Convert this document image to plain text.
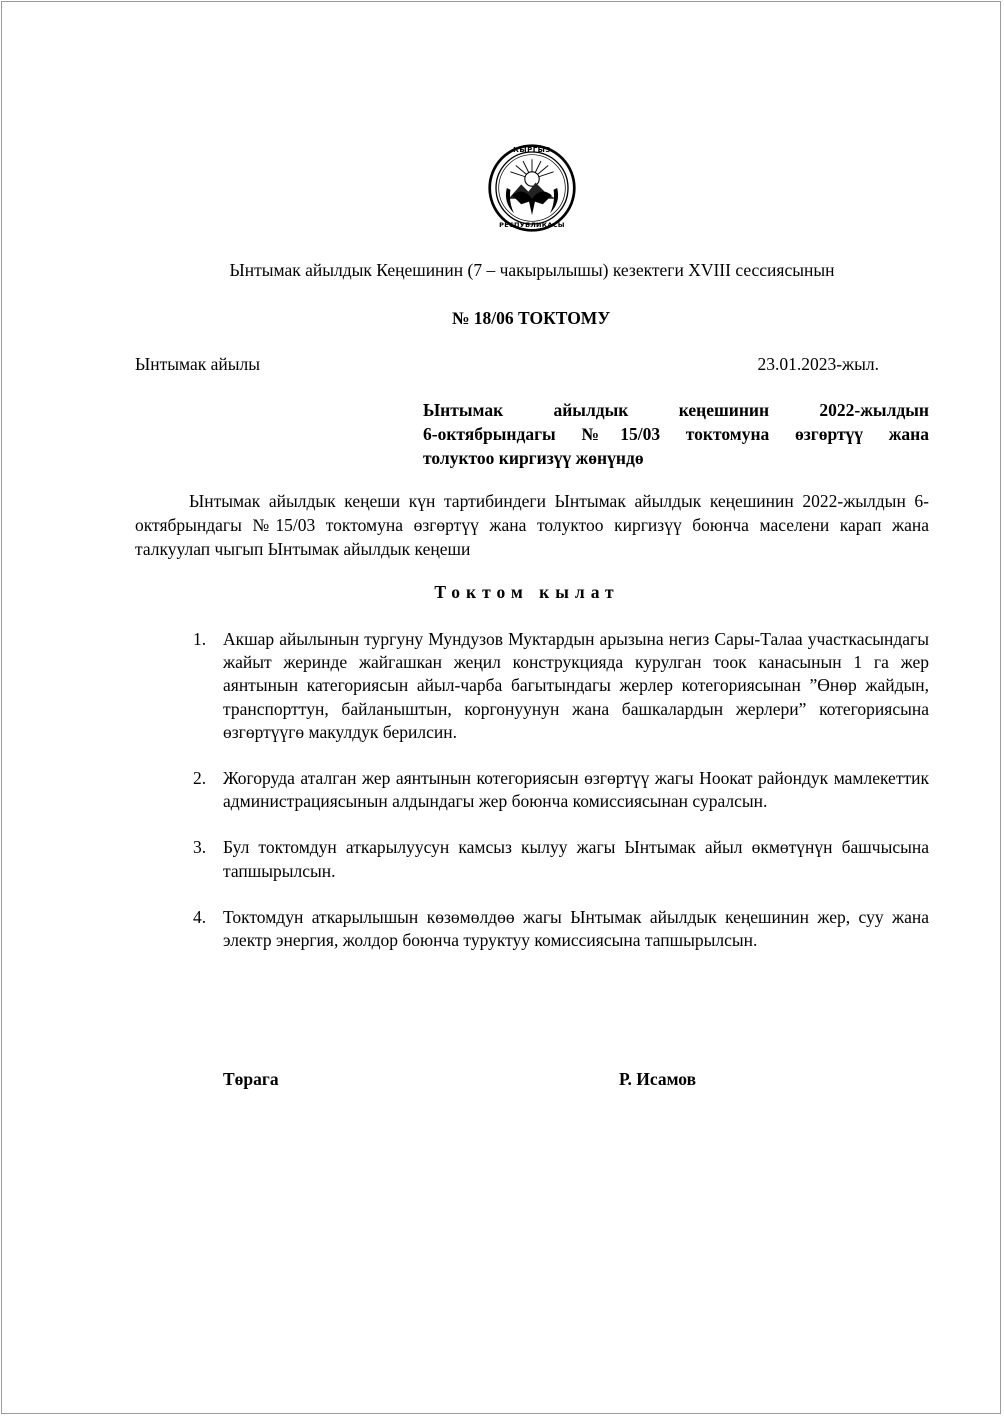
КЫРГЫЗ
РЕСПУБЛИКАСЫ
Ынтымак айылдык Кеңешинин (7 – чакырылышы) кезектеги XVIII сессиясынын
№ 18/06 ТОКТОМУ
Ынтымак айылы	23.01.2023-жыл.
Ынтымак айылдык кеңешинин 2022-жылдын
6-октябрындагы №15/03 токтомуна өзгөртүү жана
толуктоо киргизүү жөнүндө
Ынтымак айылдык кеңеши күн тартибиндеги Ынтымак айылдык кеңешинин 2022-жылдын 6-октябрындагы №15/03 токтомуна өзгөртүү жана толуктоо киргизүү боюнча маселени карап жана талкуулап чыгып Ынтымак айылдык кеңеши
Токтом кылат
1. Акшар айылынын тургуну Мундузов Муктардын арызына негиз Сары-Талаа участкасындагы жайыт жеринде жайгашкан жеңил конструкцияда курулган тоок канасынын 1 га жер аянтынын категориясын айыл-чарба багытындагы жерлер котегориясынан ”Өнөр жайдын, транспорттун, байланыштын, коргонуунун жана башкалардын жерлери” котегориясына өзгөртүүгө макулдук берилсин.
2. Жогоруда аталган жер аянтынын котегориясын өзгөртүү жагы Ноокат райондук мамлекеттик администрациясынын алдындагы жер боюнча комиссиясынан суралсын.
3. Бул токтомдун аткарылуусун камсыз кылуу жагы Ынтымак айыл өкмөтүнүн башчысына тапшырылсын.
4. Токтомдун аткарылышын көзөмөлдөө жагы Ынтымак айылдык кеңешинин жер, суу жана электр энергия, жолдор боюнча туруктуу комиссиясына тапшырылсын.
Төрага	Р. Исамов
